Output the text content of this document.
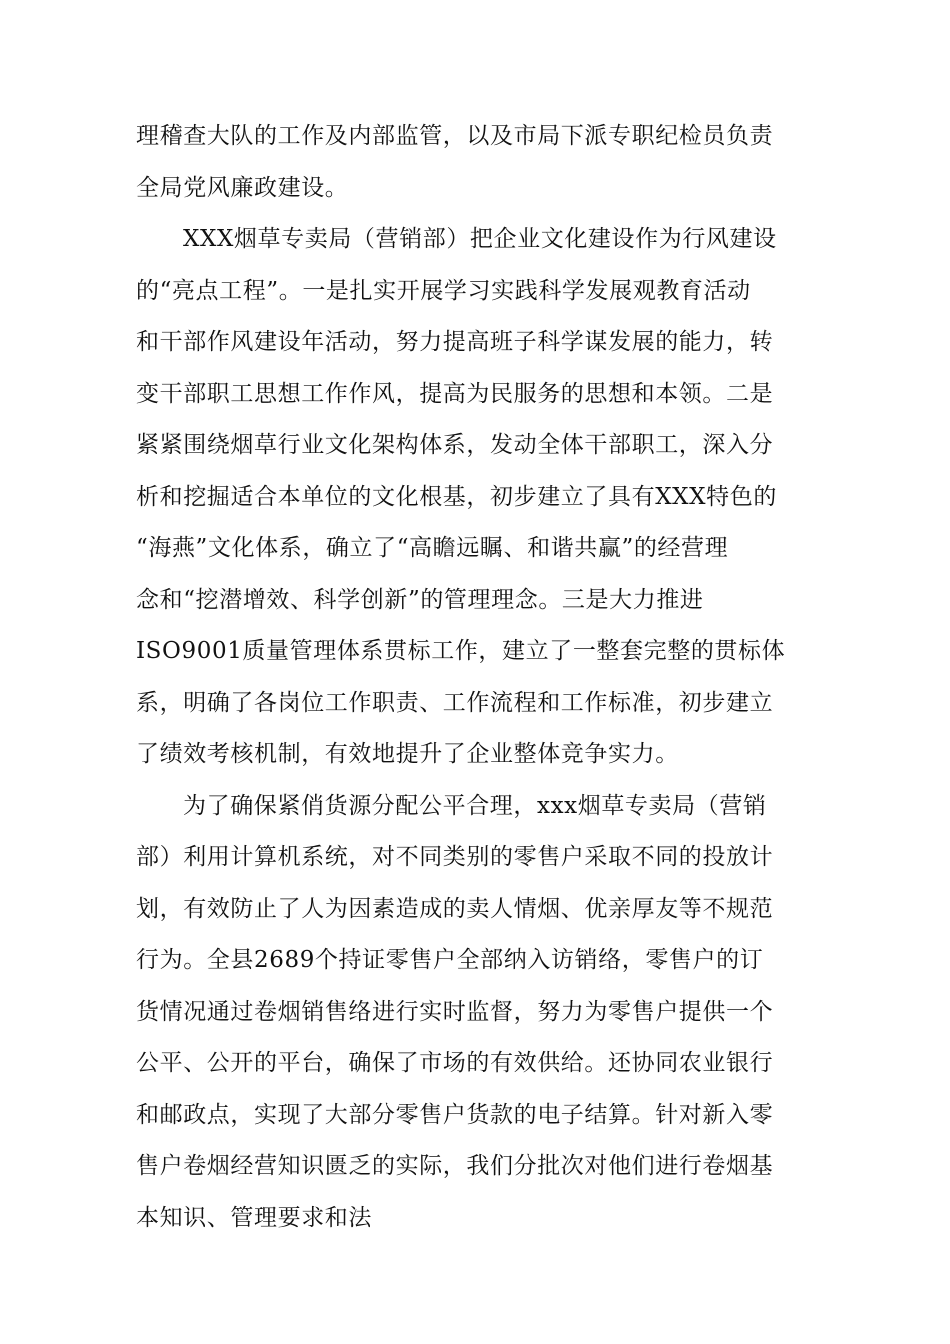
理稽查大队的工作及内部监管，以及市局下派专职纪检员负责
全局党风廉政建设。

XXX烟草专卖局（营销部）把企业文化建设作为行风建设
的“亮点工程”。一是扎实开展学习实践科学发展观教育活动
和干部作风建设年活动，努力提高班子科学谋发展的能力，转
变干部职工思想工作作风，提高为民服务的思想和本领。二是
紧紧围绕烟草行业文化架构体系，发动全体干部职工，深入分
析和挖掘适合本单位的文化根基，初步建立了具有XXX特色的
“海燕”文化体系，确立了“高瞻远瞩、和谐共赢”的经营理
念和“挖潜增效、科学创新”的管理理念。三是大力推进
ISO9001质量管理体系贯标工作，建立了一整套完整的贯标体
系，明确了各岗位工作职责、工作流程和工作标准，初步建立
了绩效考核机制，有效地提升了企业整体竞争实力。

为了确保紧俏货源分配公平合理，xxx烟草专卖局（营销
部）利用计算机系统，对不同类别的零售户采取不同的投放计
划，有效防止了人为因素造成的卖人情烟、优亲厚友等不规范
行为。全县2689个持证零售户全部纳入访销络，零售户的订
货情况通过卷烟销售络进行实时监督，努力为零售户提供一个
公平、公开的平台，确保了市场的有效供给。还协同农业银行
和邮政点，实现了大部分零售户货款的电子结算。针对新入零
售户卷烟经营知识匮乏的实际，我们分批次对他们进行卷烟基
本知识、管理要求和法
